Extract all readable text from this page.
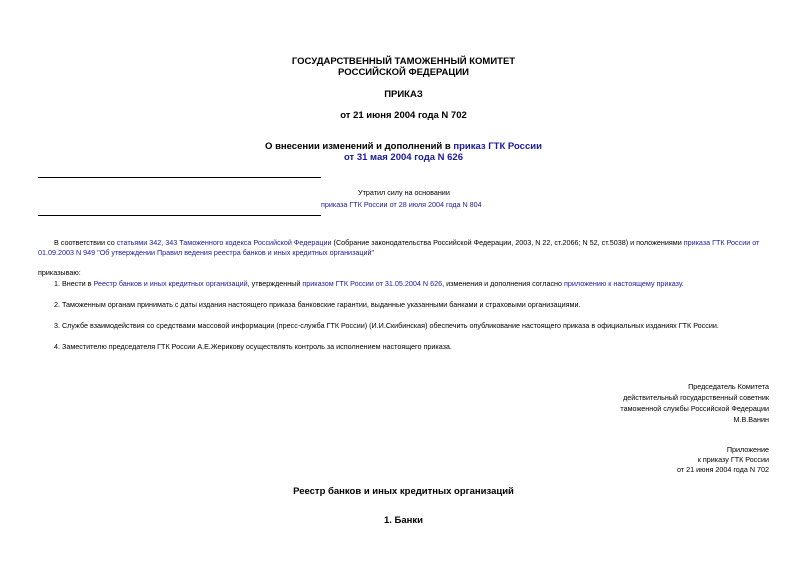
ГОСУДАРСТВЕННЫЙ ТАМОЖЕННЫЙ КОМИТЕТ
РОССИЙСКОЙ ФЕДЕРАЦИИ
ПРИКАЗ
от 21 июня 2004 года N 702
О внесении изменений и дополнений в приказ ГТК России
от 31 мая 2004 года N 626
Утратил силу на основании
приказа ГТК России от 28 июля 2004 года N 804
В соответствии со статьями 342, 343 Таможенного кодекса Российской Федерации (Собрание законодательства Российской Федерации, 2003, N 22, ст.2066; N 52, ст.5038) и положениями приказа ГТК России от
01.09.2003 N 949 "Об утверждении Правил ведения реестра банков и иных кредитных организаций"
приказываю:
1. Внести в Реестр банков и иных кредитных организаций, утвержденный приказом ГТК России от 31.05.2004 N 626, изменения и дополнения согласно приложению к настоящему приказу.
2. Таможенным органам принимать с даты издания настоящего приказа банковские гарантии, выданные указанными банками и страховыми организациями.
3. Службе взаимодействия со средствами массовой информации (пресс-служба ГТК России) (И.И.Скибинская) обеспечить опубликование настоящего приказа в официальных изданиях ГТК России.
4. Заместителю председателя ГТК России А.Е.Жерикову осуществлять контроль за исполнением настоящего приказа.
Председатель Комитета
действительный государственный советник
таможенной службы Российской Федерации
М.В.Ванин
Приложение
к приказу ГТК России
от 21 июня 2004 года N 702
Реестр банков и иных кредитных организаций
1. Банки
